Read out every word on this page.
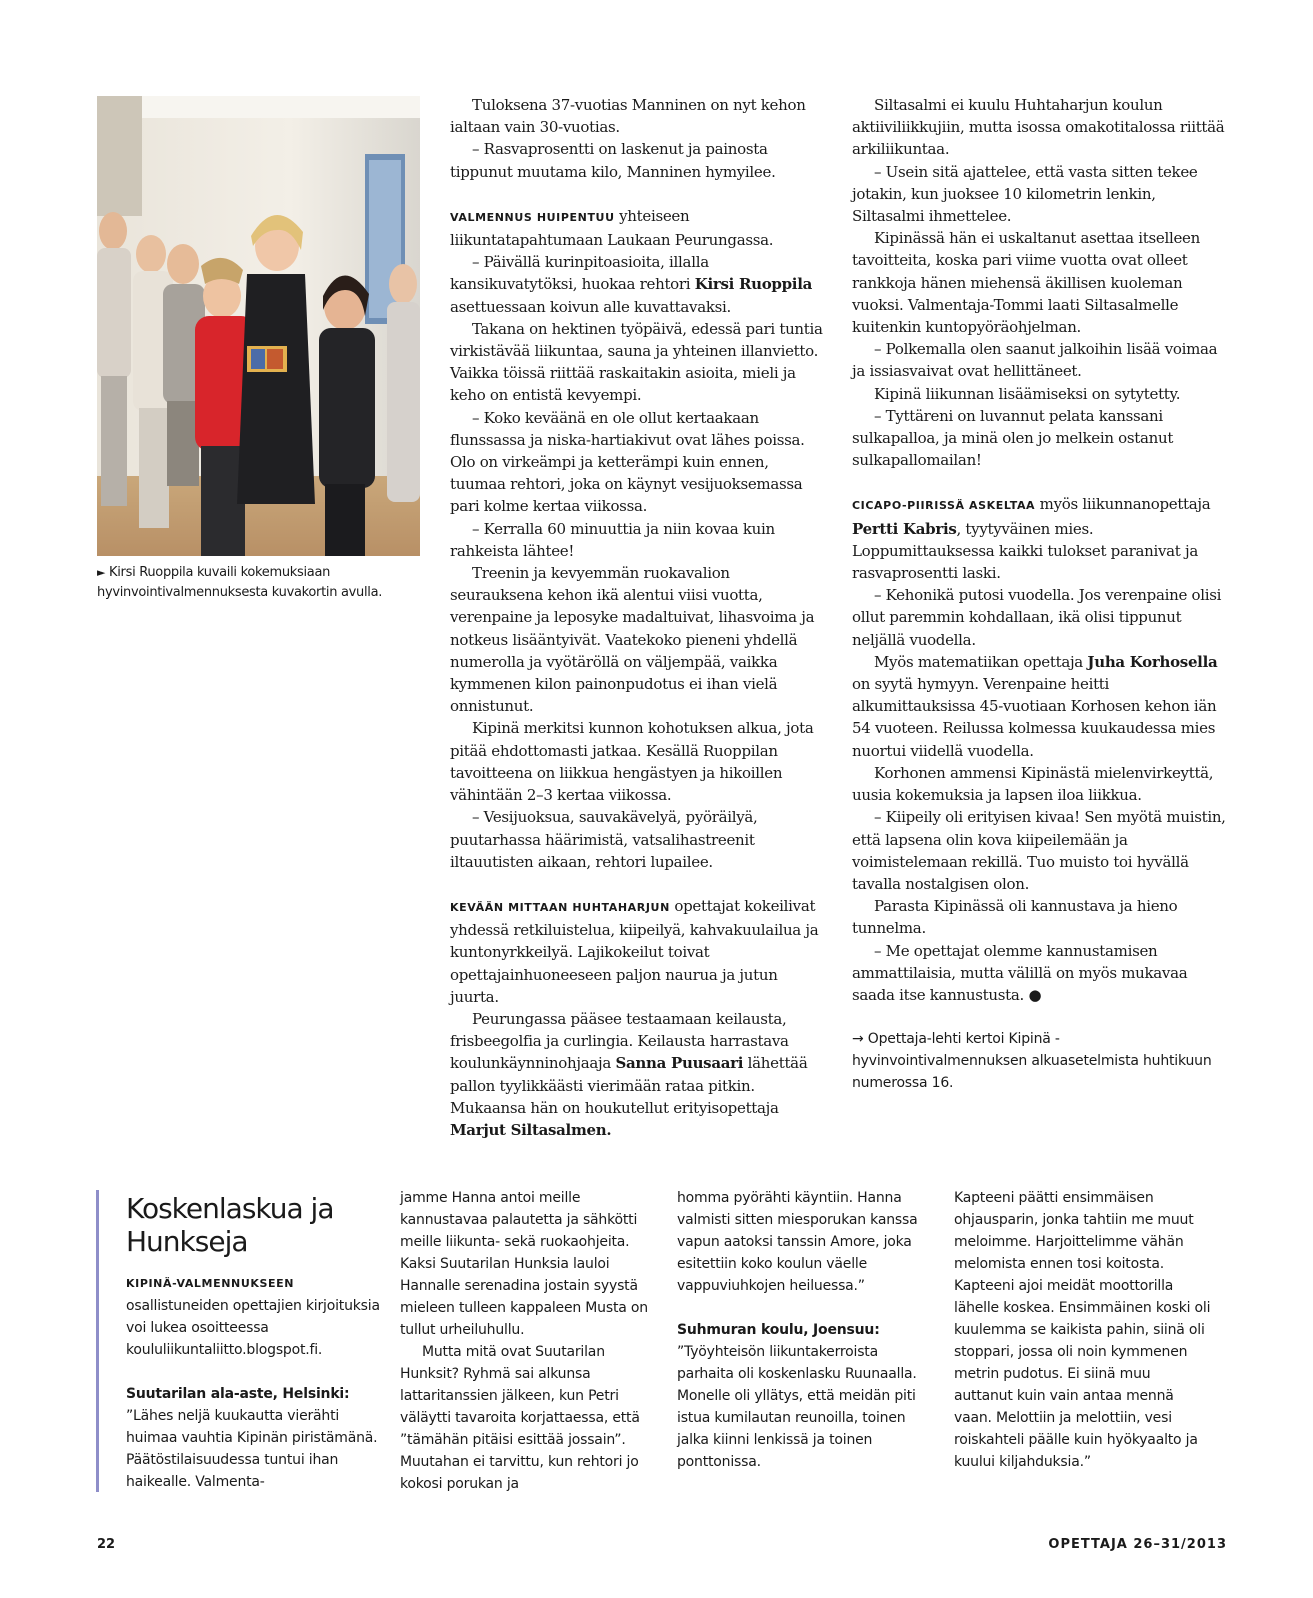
► Kirsi Ruoppila kuvaili kokemuksiaan hyvinvointivalmennuksesta kuvakortin avulla.

Tuloksena 37-vuotias Manninen on nyt kehon ialtaan vain 30-vuotias.

– Rasvaprosentti on laskenut ja painosta tippunut muutama kilo, Manninen hymyilee.

VALMENNUS HUIPENTUU yhteiseen liikuntatapahtumaan Laukaan Peurungassa.

– Päivällä kurinpitoasioita, illalla kansikuvatytöksi, huokaa rehtori Kirsi Ruoppila asettuessaan koivun alle kuvattavaksi.

Takana on hektinen työpäivä, edessä pari tuntia virkistävää liikuntaa, sauna ja yhteinen illanvietto. Vaikka töissä riittää raskaitakin asioita, mieli ja keho on entistä kevyempi.

– Koko keväänä en ole ollut kertaakaan flunssassa ja niska-hartiakivut ovat lähes poissa. Olo on virkeämpi ja ketterämpi kuin ennen, tuumaa rehtori, joka on käynyt vesijuoksemassa pari kolme kertaa viikossa.

– Kerralla 60 minuuttia ja niin kovaa kuin rahkeista lähtee!

Treenin ja kevyemmän ruokavalion seurauksena kehon ikä alentui viisi vuotta, verenpaine ja leposyke madaltuivat, lihasvoima ja notkeus lisääntyivät. Vaatekoko pieneni yhdellä numerolla ja vyötäröllä on väljempää, vaikka kymmenen kilon painonpudotus ei ihan vielä onnistunut.

Kipinä merkitsi kunnon kohotuksen alkua, jota pitää ehdottomasti jatkaa. Kesällä Ruoppilan tavoitteena on liikkua hengästyen ja hikoillen vähintään 2–3 kertaa viikossa.

– Vesijuoksua, sauvakävelyä, pyöräilyä, puutarhassa häärimistä, vatsalihastreenit iltauutisten aikaan, rehtori lupailee.

KEVÄÄN MITTAAN HUHTAHARJUN opettajat kokeilivat yhdessä retkiluistelua, kiipeilyä, kahvakuulailua ja kuntonyrkkeilyä. Lajikokeilut toivat opettajainhuoneeseen paljon naurua ja jutun juurta.

Peurungassa pääsee testaamaan keilausta, frisbeegolfia ja curlingia. Keilausta harrastava koulunkäynninohjaaja Sanna Puusaari lähettää pallon tyylikkäästi vierimään rataa pitkin. Mukaansa hän on houkutellut erityisopettaja Marjut Siltasalmen.

Siltasalmi ei kuulu Huhtaharjun koulun aktiiviliikkujiin, mutta isossa omakotitalossa riittää arkiliikuntaa.

– Usein sitä ajattelee, että vasta sitten tekee jotakin, kun juoksee 10 kilometrin lenkin, Siltasalmi ihmettelee.

Kipinässä hän ei uskaltanut asettaa itselleen tavoitteita, koska pari viime vuotta ovat olleet rankkoja hänen miehensä äkillisen kuoleman vuoksi. Valmentaja-Tommi laati Siltasalmelle kuitenkin kuntopyöräohjelman.

– Polkemalla olen saanut jalkoihin lisää voimaa ja issiasvaivat ovat hellittäneet.

Kipinä liikunnan lisäämiseksi on sytytetty.

– Tyttäreni on luvannut pelata kanssani sulkapalloa, ja minä olen jo melkein ostanut sulkapallomailan!

CICAPO-PIIRISSÄ ASKELTAA myös liikunnanopettaja Pertti Kabris, tyytyväinen mies. Loppumittauksessa kaikki tulokset paranivat ja rasvaprosentti laski.

– Kehonikä putosi vuodella. Jos verenpaine olisi ollut paremmin kohdallaan, ikä olisi tippunut neljällä vuodella.

Myös matematiikan opettaja Juha Korhosella on syytä hymyyn. Verenpaine heitti alkumittauksissa 45-vuotiaan Korhosen kehon iän 54 vuoteen. Reilussa kolmessa kuukaudessa mies nuortui viidellä vuodella.

Korhonen ammensi Kipinästä mielenvirkeyttä, uusia kokemuksia ja lapsen iloa liikkua.

– Kiipeily oli erityisen kivaa! Sen myötä muistin, että lapsena olin kova kiipeilemään ja voimistelemaan rekillä. Tuo muisto toi hyvällä tavalla nostalgisen olon.

Parasta Kipinässä oli kannustava ja hieno tunnelma.

– Me opettajat olemme kannustamisen ammattilaisia, mutta välillä on myös mukavaa saada itse kannustusta. ●

→ Opettaja-lehti kertoi Kipinä -hyvinvointivalmennuksen alkuasetelmista huhtikuun numerossa 16.

Koskenlaskua ja Hunkseja

KIPINÄ-VALMENNUKSEEN osallistuneiden opettajien kirjoituksia voi lukea osoitteessa koululiikuntaliitto.blogspot.fi.

Suutarilan ala-aste, Helsinki:

”Lähes neljä kuukautta vierähti huimaa vauhtia Kipinän piristämänä. Päätöstilaisuudessa tuntui ihan haikealle. Valmenta-

jamme Hanna antoi meille kannustavaa palautetta ja sähkötti meille liikunta- sekä ruokaohjeita. Kaksi Suutarilan Hunksia lauloi Hannalle serenadina jostain syystä mieleen tulleen kappaleen Musta on tullut urheiluhullu.

Mutta mitä ovat Suutarilan Hunksit? Ryhmä sai alkunsa lattaritanssien jälkeen, kun Petri väläytti tavaroita korjattaessa, että ”tämähän pitäisi esittää jossain”. Muutahan ei tarvittu, kun rehtori jo kokosi porukan ja

homma pyörähti käyntiin. Hanna valmisti sitten miesporukan kanssa vapun aatoksi tanssin Amore, joka esitettiin koko koulun väelle vappuviuhkojen heiluessa.”

Suhmuran koulu, Joensuu:

”Työyhteisön liikuntakerroista parhaita oli koskenlasku Ruunaalla. Monelle oli yllätys, että meidän piti istua kumilautan reunoilla, toinen jalka kiinni lenkissä ja toinen ponttonissa.

Kapteeni päätti ensimmäisen ohjausparin, jonka tahtiin me muut meloimme. Harjoittelimme vähän melomista ennen tosi koitosta. Kapteeni ajoi meidät moottorilla lähelle koskea. Ensimmäinen koski oli kuulemma se kaikista pahin, siinä oli stoppari, jossa oli noin kymmenen metrin pudotus. Ei siinä muu auttanut kuin vain antaa mennä vaan. Melottiin ja melottiin, vesi roiskahteli päälle kuin hyökyaalto ja kuului kiljahduksia.”

22	OPETTAJA 26–31/2013
